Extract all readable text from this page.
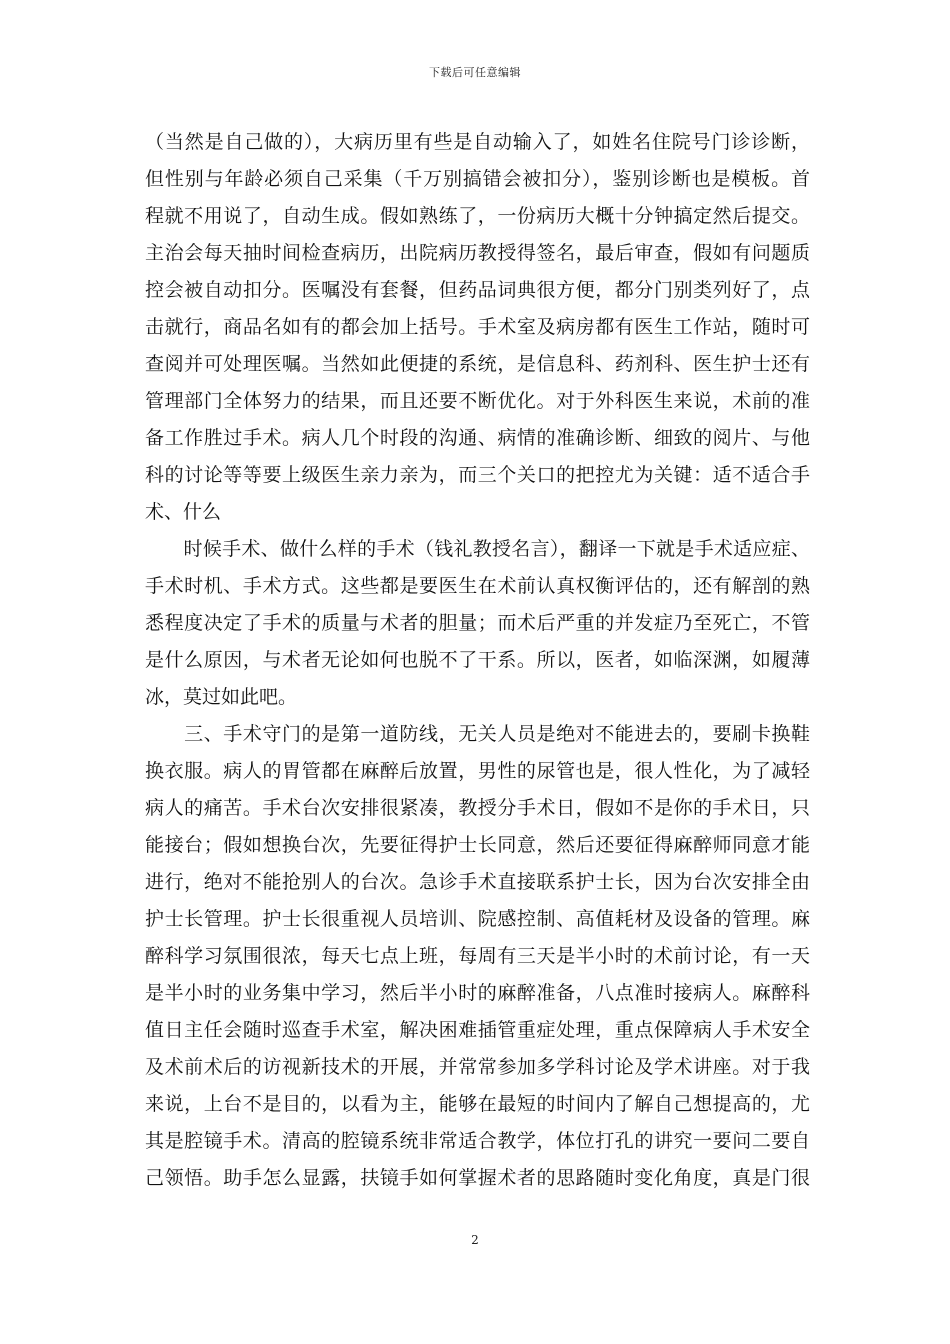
下载后可任意编辑
（当然是自己做的），大病历里有些是自动输入了，如姓名住院号门诊诊断，
但性别与年龄必须自己采集（千万别搞错会被扣分），鉴别诊断也是模板。首
程就不用说了，自动生成。假如熟练了，一份病历大概十分钟搞定然后提交。
主治会每天抽时间检查病历，出院病历教授得签名，最后审查，假如有问题质
控会被自动扣分。医嘱没有套餐，但药品词典很方便，都分门别类列好了，点
击就行，商品名如有的都会加上括号。手术室及病房都有医生工作站，随时可
查阅并可处理医嘱。当然如此便捷的系统，是信息科、药剂科、医生护士还有
管理部门全体努力的结果，而且还要不断优化。对于外科医生来说，术前的准
备工作胜过手术。病人几个时段的沟通、病情的准确诊断、细致的阅片、与他
科的讨论等等要上级医生亲力亲为，而三个关口的把控尤为关键：适不适合手
术、什么
　　时候手术、做什么样的手术（钱礼教授名言），翻译一下就是手术适应症、
手术时机、手术方式。这些都是要医生在术前认真权衡评估的，还有解剖的熟
悉程度决定了手术的质量与术者的胆量；而术后严重的并发症乃至死亡，不管
是什么原因，与术者无论如何也脱不了干系。所以，医者，如临深渊，如履薄
冰，莫过如此吧。
　　三、手术守门的是第一道防线，无关人员是绝对不能进去的，要刷卡换鞋
换衣服。病人的胃管都在麻醉后放置，男性的尿管也是，很人性化，为了减轻
病人的痛苦。手术台次安排很紧凑，教授分手术日，假如不是你的手术日，只
能接台；假如想换台次，先要征得护士长同意，然后还要征得麻醉师同意才能
进行，绝对不能抢别人的台次。急诊手术直接联系护士长，因为台次安排全由
护士长管理。护士长很重视人员培训、院感控制、高值耗材及设备的管理。麻
醉科学习氛围很浓，每天七点上班，每周有三天是半小时的术前讨论，有一天
是半小时的业务集中学习，然后半小时的麻醉准备，八点准时接病人。麻醉科
值日主任会随时巡查手术室，解决困难插管重症处理，重点保障病人手术安全
及术前术后的访视新技术的开展，并常常参加多学科讨论及学术讲座。对于我
来说，上台不是目的，以看为主，能够在最短的时间内了解自己想提高的，尤
其是腔镜手术。清高的腔镜系统非常适合教学，体位打孔的讲究一要问二要自
己领悟。助手怎么显露，扶镜手如何掌握术者的思路随时变化角度，真是门很
2
